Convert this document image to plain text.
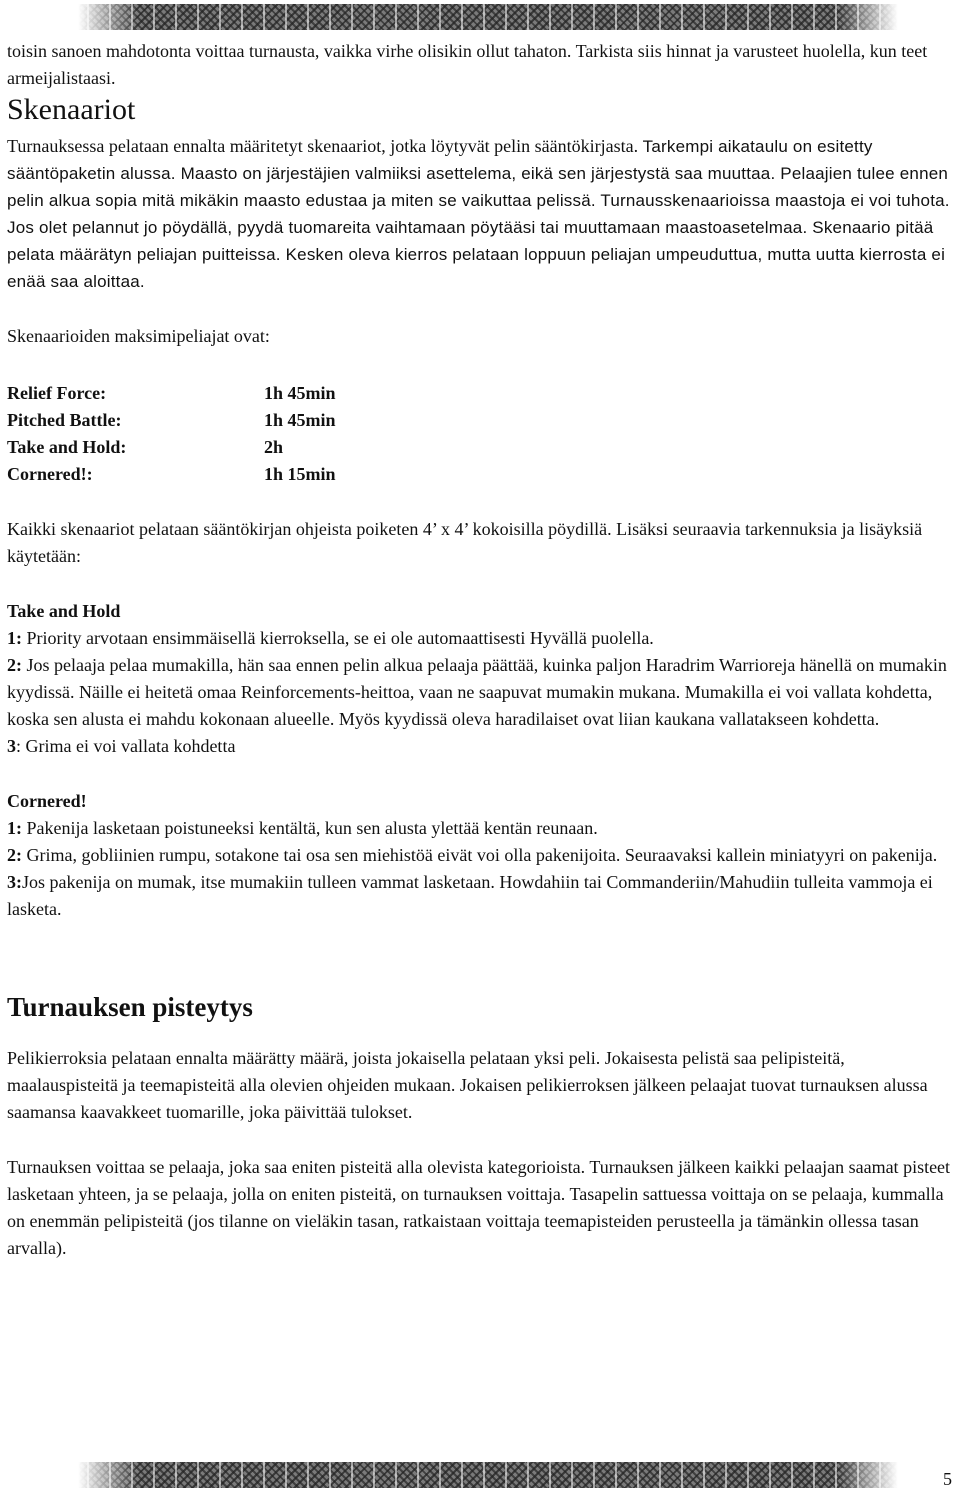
toisin sanoen mahdotonta voittaa turnausta, vaikka virhe olisikin ollut tahaton. Tarkista siis hinnat ja varusteet huolella, kun teet armeijalistaasi.

Skenaariot

Turnauksessa pelataan ennalta määritetyt skenaariot, jotka löytyvät pelin sääntökirjasta. Tarkempi aikataulu on esitetty sääntöpaketin alussa. Maasto on järjestäjien valmiiksi asettelema, eikä sen järjestystä saa muuttaa. Pelaajien tulee ennen pelin alkua sopia mitä mikäkin maasto edustaa ja miten se vaikuttaa pelissä. Turnausskenaarioissa maastoja ei voi tuhota. Jos olet pelannut jo pöydällä, pyydä tuomareita vaihtamaan pöytääsi tai muuttamaan maastoasetelmaa. Skenaario pitää pelata määrätyn peliajan puitteissa. Kesken oleva kierros pelataan loppuun peliajan umpeuduttua, mutta uutta kierrosta ei enää saa aloittaa.

Skenaarioiden maksimipeliajat ovat:

Relief Force:	1h 45min
Pitched Battle:	1h 45min
Take and Hold:	2h
Cornered!:	1h 15min

Kaikki skenaariot pelataan sääntökirjan ohjeista poiketen 4’ x 4’ kokoisilla pöydillä. Lisäksi seuraavia tarkennuksia ja lisäyksiä käytetään:

Take and Hold

1: Priority arvotaan ensimmäisellä kierroksella, se ei ole automaattisesti Hyvällä puolella.

2: Jos pelaaja pelaa mumakilla, hän saa ennen pelin alkua pelaaja päättää, kuinka paljon Haradrim Warrioreja hänellä on mumakin kyydissä. Näille ei heitetä omaa Reinforcements-heittoa, vaan ne saapuvat mumakin mukana. Mumakilla ei voi vallata kohdetta, koska sen alusta ei mahdu kokonaan alueelle. Myös kyydissä oleva haradilaiset ovat liian kaukana vallatakseen kohdetta.

3: Grima ei voi vallata kohdetta

Cornered!

1: Pakenija lasketaan poistuneeksi kentältä, kun sen alusta ylettää kentän reunaan.

2: Grima, gobliinien rumpu, sotakone tai osa sen miehistöä eivät voi olla pakenijoita. Seuraavaksi kallein miniatyyri on pakenija.

3:Jos pakenija on mumak, itse mumakiin tulleen vammat lasketaan. Howdahiin tai Commanderiin/Mahudiin tulleita vammoja ei lasketa.

Turnauksen pisteytys

Pelikierroksia pelataan ennalta määrätty määrä, joista jokaisella pelataan yksi peli. Jokaisesta pelistä saa pelipisteitä, maalauspisteitä ja teemapisteitä alla olevien ohjeiden mukaan. Jokaisen pelikierroksen jälkeen pelaajat tuovat turnauksen alussa saamansa kaavakkeet tuomarille, joka päivittää tulokset.

Turnauksen voittaa se pelaaja, joka saa eniten pisteitä alla olevista kategorioista. Turnauksen jälkeen kaikki pelaajan saamat pisteet lasketaan yhteen, ja se pelaaja, jolla on eniten pisteitä, on turnauksen voittaja. Tasapelin sattuessa voittaja on se pelaaja, kummalla on enemmän pelipisteitä (jos tilanne on vieläkin tasan, ratkaistaan voittaja teemapisteiden perusteella ja tämänkin ollessa tasan arvalla).

5
